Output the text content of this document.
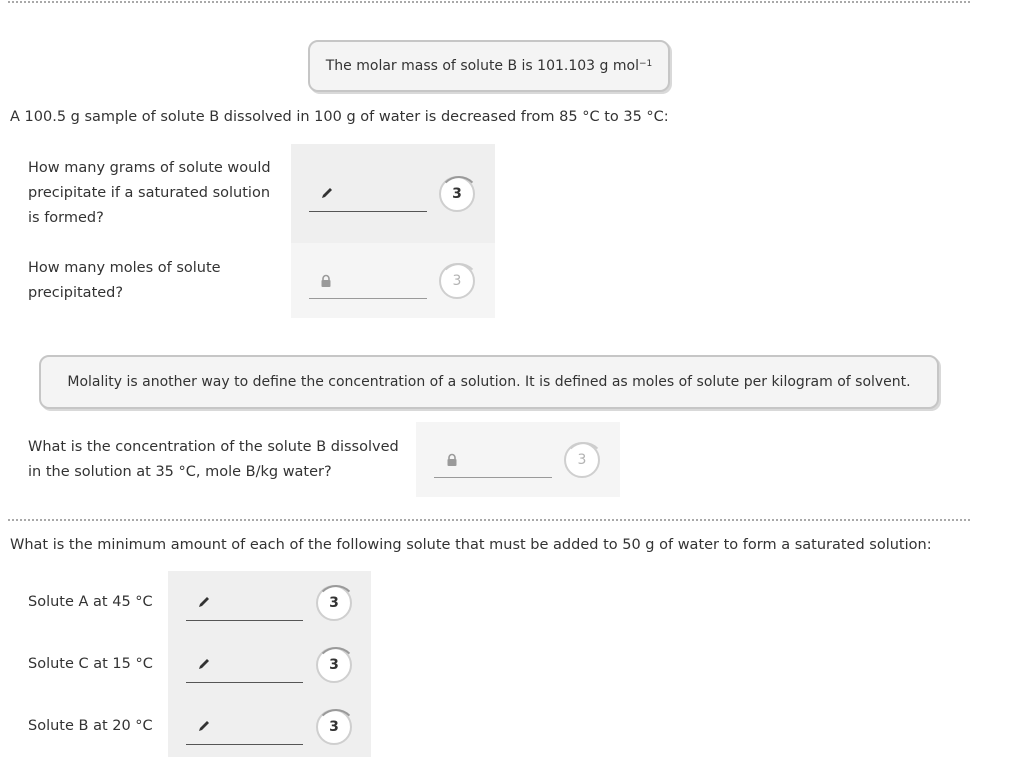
The molar mass of solute B is 101.103 g mol$^{-1}$
A 100.5 g sample of solute B dissolved in 100 g of water is decreased from 85 °C to 35 °C:
How many grams of solute would precipitate if a saturated solution is formed?
3
How many moles of solute precipitated?
3
Molality is another way to define the concentration of a solution. It is defined as moles of solute per kilogram of solvent.
What is the concentration of the solute B dissolved in the solution at 35 °C, mole B/kg water?
3
What is the minimum amount of each of the following solute that must be added to 50 g of water to form a saturated solution:
Solute A at 45 °C	3
Solute C at 15 °C	3
Solute B at 20 °C	3
